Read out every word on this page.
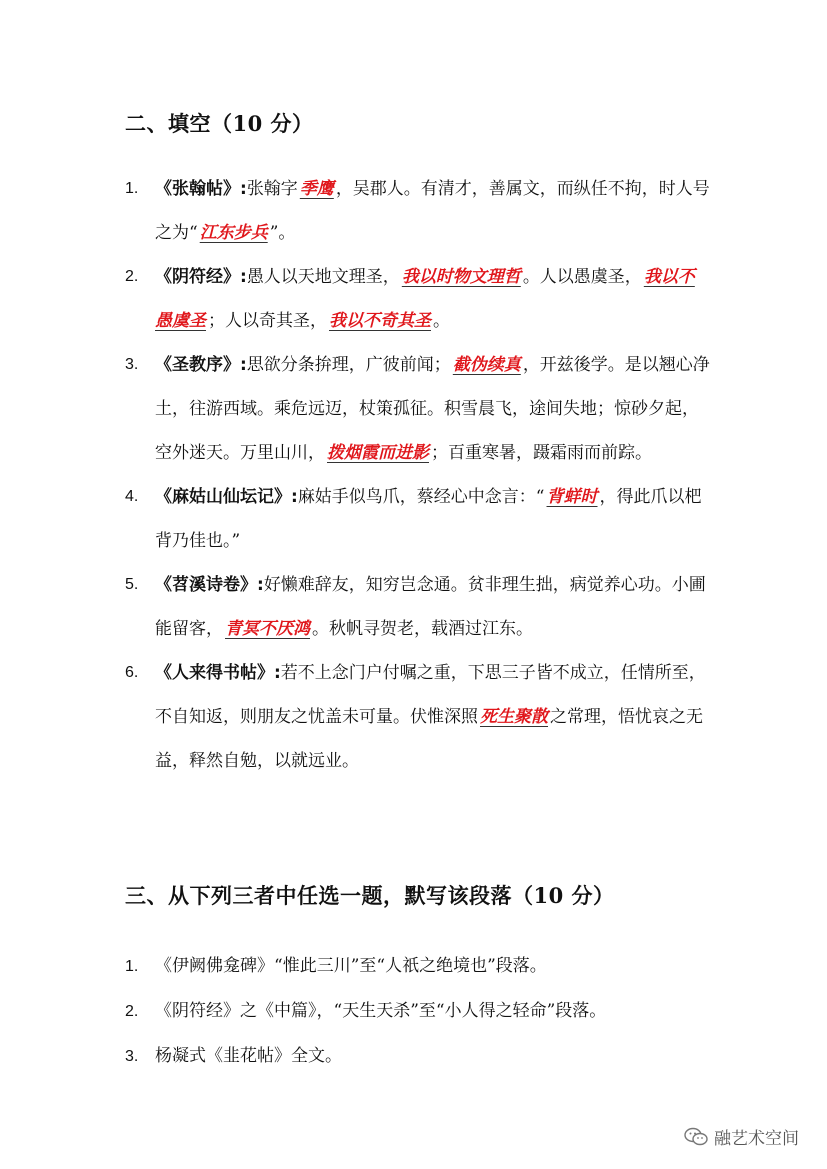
二、填空（10 分）
1. 《张翰帖》:张翰字 季鹰 ，吴郡人。有清才，善属文，而纵任不拘，时人号之为“ 江东步兵 ”。
2. 《阴符经》:愚人以天地文理圣， 我以时物文理哲 。人以愚虞圣， 我以不愚虞圣 ；人以奇其圣， 我以不奇其圣 。
3. 《圣教序》:思欲分条拚理，广彼前闻； 截伪续真 ，开兹後学。是以翘心净土，往游西域。乘危远迈，杖策孤征。积雪晨飞，途间失地；惊砂夕起，空外迷天。万里山川， 拨烟霞而进影 ；百重寒暑，蹑霜雨而前踪。
4. 《麻姑山仙坛记》:麻姑手似鸟爪，蔡经心中念言：“ 背蛘时 ，得此爪以杷背乃佳也。”
5. 《苕溪诗卷》:好懒难辞友，知穷岂念通。贫非理生拙，病觉养心功。小圃能留客， 青冥不厌鸿 。秋帆寻贺老，载酒过江东。
6. 《人来得书帖》:若不上念门户付嘱之重，下思三子皆不成立，任情所至，不自知返，则朋友之忧盖未可量。伏惟深照 死生聚散 之常理，悟忧哀之无益，释然自勉，以就远业。
三、从下列三者中任选一题，默写该段落（10 分）
1. 《伊阙佛龛碑》“惟此三川”至“人祇之绝境也”段落。
2. 《阴符经》之《中篇》，“天生天杀”至“小人得之轻命”段落。
3. 杨凝式《韭花帖》全文。
融艺术空间
